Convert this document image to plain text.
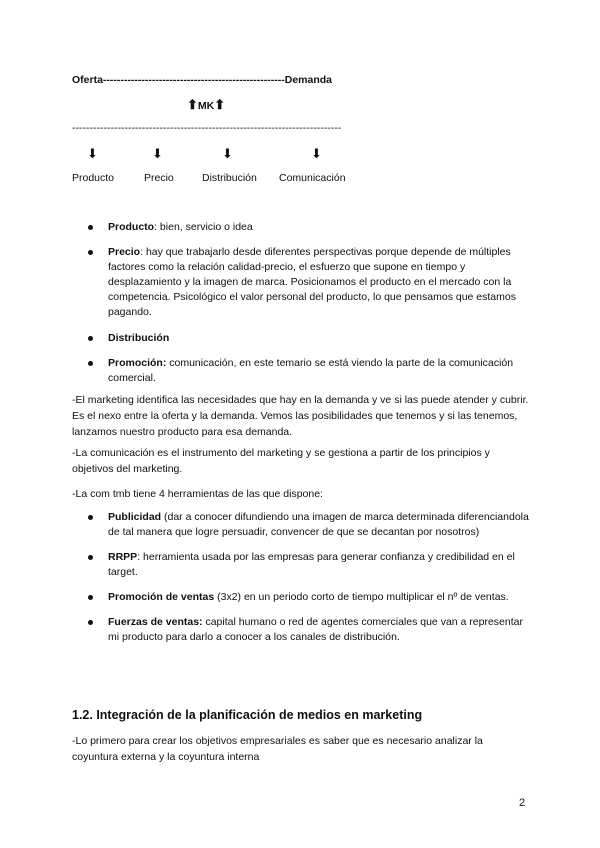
Oferta----------------------------------------------------Demanda
⬆MK⬆
-----------------------------------------------------------------------------
⬇	⬇	⬇	⬇
Producto	Precio	Distribución Comunicación
Producto: bien, servicio o idea
Precio: hay que trabajarlo desde diferentes perspectivas porque depende de múltiples factores como la relación calidad-precio, el esfuerzo que supone en tiempo y desplazamiento y la imagen de marca. Posicionamos el producto en el mercado con la competencia. Psicológico el valor personal del producto, lo que pensamos que estamos pagando.
Distribución
Promoción: comunicación, en este temario se está viendo la parte de la comunicación comercial.

-El marketing identifica las necesidades que hay en la demanda y ve si las puede atender y cubrir. Es el nexo entre la oferta y la demanda. Vemos las posibilidades que tenemos y si las tenemos, lanzamos nuestro producto para esa demanda.

-La comunicación es el instrumento del marketing y se gestiona a partir de los principios y objetivos del marketing.

-La com tmb tiene 4 herramientas de las que dispone:

Publicidad (dar a conocer difundiendo una imagen de marca determinada diferenciandola de tal manera que logre persuadir, convencer de que se decantan por nosotros)
RRPP: herramienta usada por las empresas para generar confianza y credibilidad en el target.
Promoción de ventas (3x2) en un periodo corto de tiempo multiplicar el nº de ventas.
Fuerzas de ventas: capital humano o red de agentes comerciales que van a representar mi producto para darlo a conocer a los canales de distribución.
1.2. Integración de la planificación de medios en marketing

-Lo primero para crear los objetivos empresariales es saber que es necesario analizar la coyuntura externa y la coyuntura interna

2
